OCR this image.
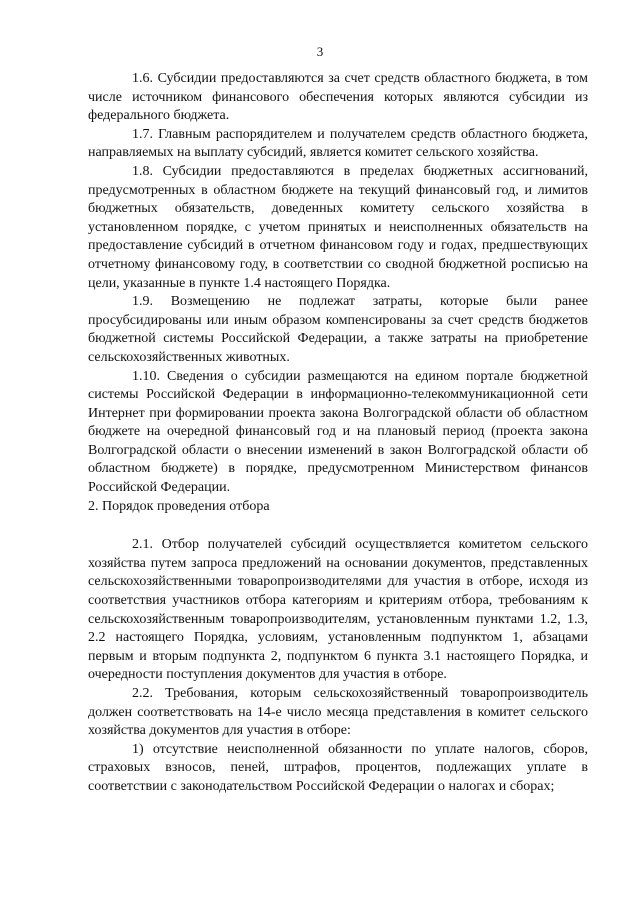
3

1.6. Субсидии предоставляются за счет средств областного бюджета, в том числе источником финансового обеспечения которых являются субсидии из федерального бюджета.

1.7. Главным распорядителем и получателем средств областного бюджета, направляемых на выплату субсидий, является комитет сельского хозяйства.

1.8. Субсидии предоставляются в пределах бюджетных ассигнований, предусмотренных в областном бюджете на текущий финансовый год, и лимитов бюджетных обязательств, доведенных комитету сельского хозяйства в установленном порядке, с учетом принятых и неисполненных обязательств на предоставление субсидий в отчетном финансовом году и годах, предшествующих отчетному финансовому году, в соответствии со сводной бюджетной росписью на цели, указанные в пункте 1.4 настоящего Порядка.

1.9. Возмещению не подлежат затраты, которые были ранее просубсидированы или иным образом компенсированы за счет средств бюджетов бюджетной системы Российской Федерации, а также затраты на приобретение сельскохозяйственных животных.

1.10. Сведения о субсидии размещаются на едином портале бюджетной системы Российской Федерации в информационно-телекоммуникационной сети Интернет при формировании проекта закона Волгоградской области об областном бюджете на очередной финансовый год и на плановый период (проекта закона Волгоградской области о внесении изменений в закон Волгоградской области об областном бюджете) в порядке, предусмотренном Министерством финансов Российской Федерации.

2. Порядок проведения отбора

2.1. Отбор получателей субсидий осуществляется комитетом сельского хозяйства путем запроса предложений на основании документов, представленных сельскохозяйственными товаропроизводителями для участия в отборе, исходя из соответствия участников отбора категориям и критериям отбора, требованиям к сельскохозяйственным товаропроизводителям, установленным пунктами 1.2, 1.3, 2.2 настоящего Порядка, условиям, установленным подпунктом 1, абзацами первым и вторым подпункта 2, подпунктом 6 пункта 3.1 настоящего Порядка, и очередности поступления документов для участия в отборе.

2.2. Требования, которым сельскохозяйственный товаропроизводитель должен соответствовать на 14-е число месяца представления в комитет сельского хозяйства документов для участия в отборе:

1) отсутствие неисполненной обязанности по уплате налогов, сборов, страховых взносов, пеней, штрафов, процентов, подлежащих уплате в соответствии с законодательством Российской Федерации о налогах и сборах;
